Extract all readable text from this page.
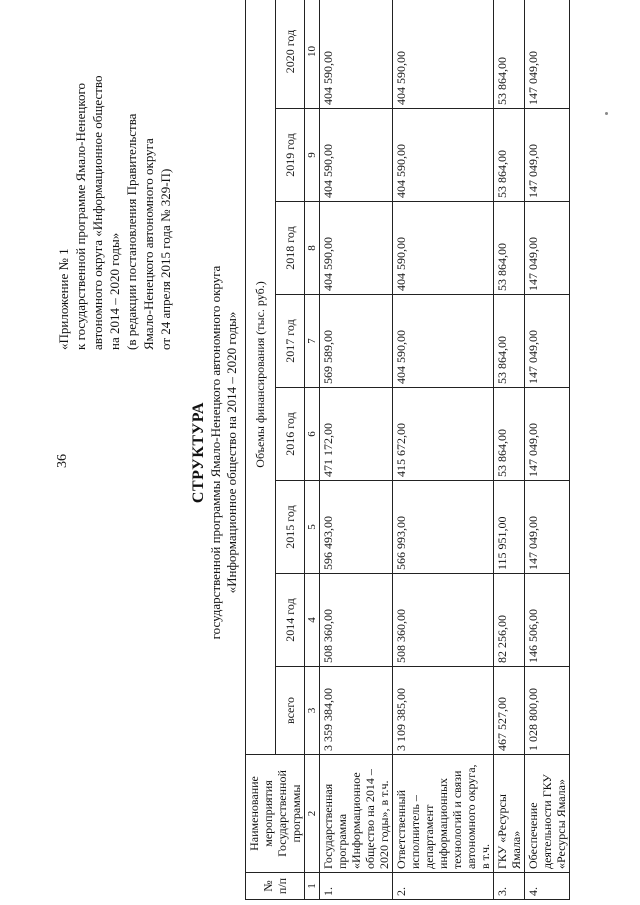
36
«Приложение № 1 к государственной программе Ямало-Ненецкого автономного округа «Информационное общество на 2014 – 2020 годы» (в редакции постановления Правительства Ямало-Ненецкого автономного округа от 24 апреля 2015 года № 329-П)
СТРУКТУРА государственной программы Ямало-Ненецкого автономного округа «Информационное общество на 2014 – 2020 годы»
№ п/п	Наименование мероприятия Государственной программы	Объемы финансирования (тыс. руб.)							
		всего	2014 год	2015 год	2016 год	2017 год	2018 год	2019 год	2020 год
1	2	3	4	5	6	7	8	9	10
1.	Государственная программа «Информационное общество на 2014 – 2020 годы», в т.ч.	3 359 384,00	508 360,00	596 493,00	471 172,00	569 589,00	404 590,00	404 590,00	404 590,00
2.	Ответственный исполнитель – департамент информационных технологий и связи автономного округа, в т.ч.	3 109 385,00	508 360,00	566 993,00	415 672,00	404 590,00	404 590,00	404 590,00	404 590,00
3.	ГКУ «Ресурсы Ямала»	467 527,00	82 256,00	115 951,00	53 864,00	53 864,00	53 864,00	53 864,00	53 864,00
4.	Обеспечение деятельности ГКУ «Ресурсы Ямала»	1 028 800,00	146 506,00	147 049,00	147 049,00	147 049,00	147 049,00	147 049,00	147 049,00
